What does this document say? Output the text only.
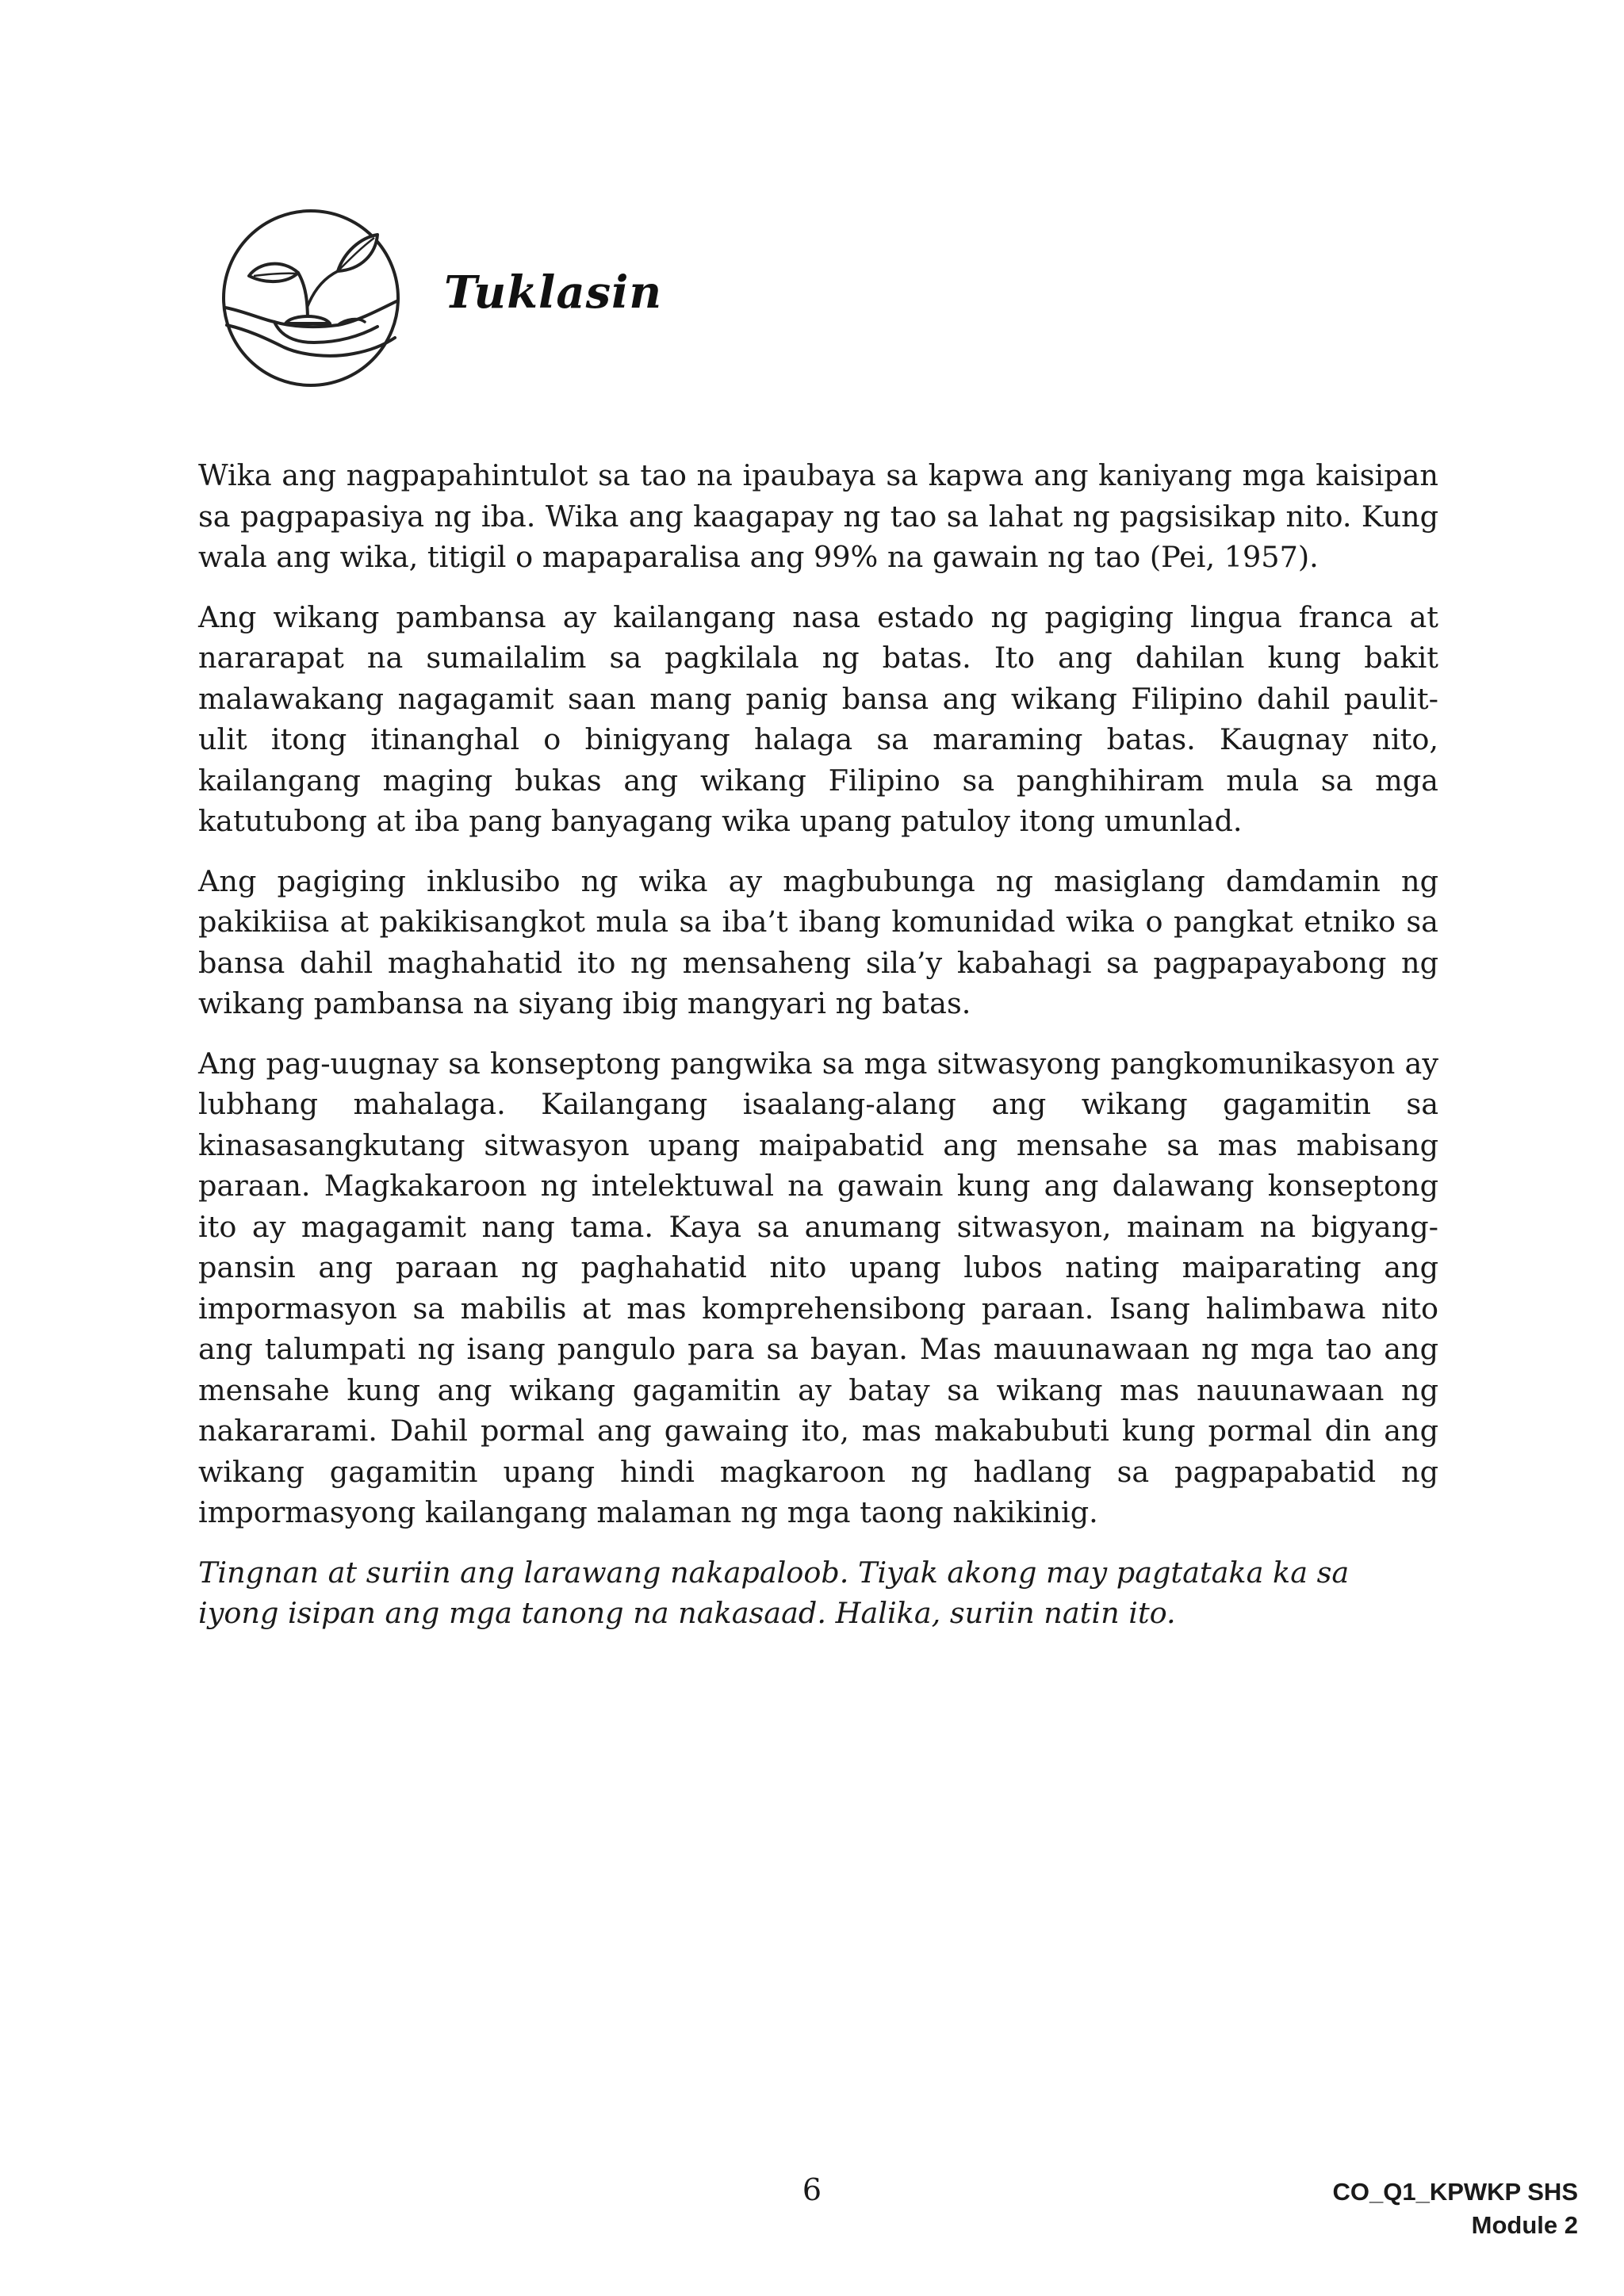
Tuklasin

Wika ang nagpapahintulot sa tao na ipaubaya sa kapwa ang kaniyang mga kaisipan sa pagpapasiya ng iba. Wika ang kaagapay ng tao sa lahat ng pagsisikap nito. Kung wala ang wika, titigil o mapaparalisa ang 99% na gawain ng tao (Pei, 1957).

Ang wikang pambansa ay kailangang nasa estado ng pagiging lingua franca at nararapat na sumailalim sa pagkilala ng batas. Ito ang dahilan kung bakit malawakang nagagamit saan mang panig bansa ang wikang Filipino dahil paulit-ulit itong itinanghal o binigyang halaga sa maraming batas. Kaugnay nito, kailangang maging bukas ang wikang Filipino sa panghihiram mula sa mga katutubong at iba pang banyagang wika upang patuloy itong umunlad.

Ang pagiging inklusibo ng wika ay magbubunga ng masiglang damdamin ng pakikiisa at pakikisangkot mula sa iba’t ibang komunidad wika o pangkat etniko sa bansa dahil maghahatid ito ng mensaheng sila’y kabahagi sa pagpapayabong ng wikang pambansa na siyang ibig mangyari ng batas.

Ang pag-uugnay sa konseptong pangwika sa mga sitwasyong pangkomunikasyon ay lubhang mahalaga. Kailangang isaalang-alang ang wikang gagamitin sa kinasasangkutang sitwasyon upang maipabatid ang mensahe sa mas mabisang paraan. Magkakaroon ng intelektuwal na gawain kung ang dalawang konseptong ito ay magagamit nang tama. Kaya sa anumang sitwasyon, mainam na bigyang-pansin ang paraan ng paghahatid nito upang lubos nating maiparating ang impormasyon sa mabilis at mas komprehensibong paraan. Isang halimbawa nito ang talumpati ng isang pangulo para sa bayan. Mas mauunawaan ng mga tao ang mensahe kung ang wikang gagamitin ay batay sa wikang mas nauunawaan ng nakararami. Dahil pormal ang gawaing ito, mas makabubuti kung pormal din ang wikang gagamitin upang hindi magkaroon ng hadlang sa pagpapabatid ng impormasyong kailangang malaman ng mga taong nakikinig.

Tingnan at suriin ang larawang nakapaloob. Tiyak akong may pagtataka ka sa iyong isipan ang mga tanong na nakasaad. Halika, suriin natin ito.

6	CO_Q1_KPWKP SHS
Module 2
